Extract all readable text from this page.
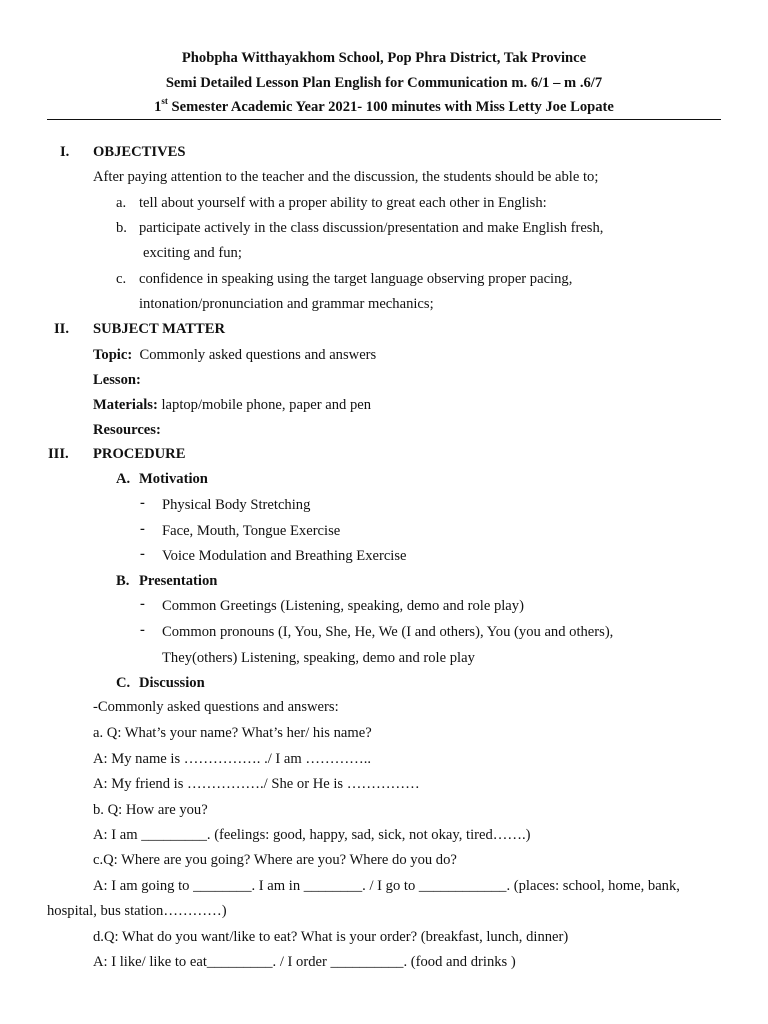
Phobpha Witthayakhom School, Pop Phra District, Tak Province
Semi Detailed Lesson Plan English for Communication m. 6/1 – m .6/7
1st Semester Academic Year 2021- 100 minutes with Miss Letty Joe Lopate
I. OBJECTIVES
After paying attention to the teacher and the discussion, the students should be able to;
a. tell about yourself with a proper ability to great each other in English:
b. participate actively in the class discussion/presentation and make English fresh,
exciting and fun;
c. confidence in speaking using the target language observing proper pacing,
intonation/pronunciation and grammar mechanics;
II. SUBJECT MATTER
Topic: Commonly asked questions and answers
Lesson:
Materials: laptop/mobile phone, paper and pen
Resources:
III. PROCEDURE
A. Motivation
- Physical Body Stretching
- Face, Mouth, Tongue Exercise
- Voice Modulation and Breathing Exercise
B. Presentation
- Common Greetings (Listening, speaking, demo and role play)
- Common pronouns (I, You, She, He, We (I and others), You (you and others),
They(others) Listening, speaking, demo and role play
C. Discussion
-Commonly asked questions and answers:
a. Q: What’s your name? What’s her/ his name?
A: My name is ……………. ./ I am …………..
A: My friend is ……………./ She or He is ……………
b. Q: How are you?
A: I am _________. (feelings: good, happy, sad, sick, not okay, tired…….)
c.Q: Where are you going? Where are you? Where do you do?
A: I am going to ________. I am in ________. / I go to ____________. (places: school, home, bank,
hospital, bus station…………)
d.Q: What do you want/like to eat? What is your order? (breakfast, lunch, dinner)
A: I like/ like to eat_________. / I order __________. (food and drinks )
